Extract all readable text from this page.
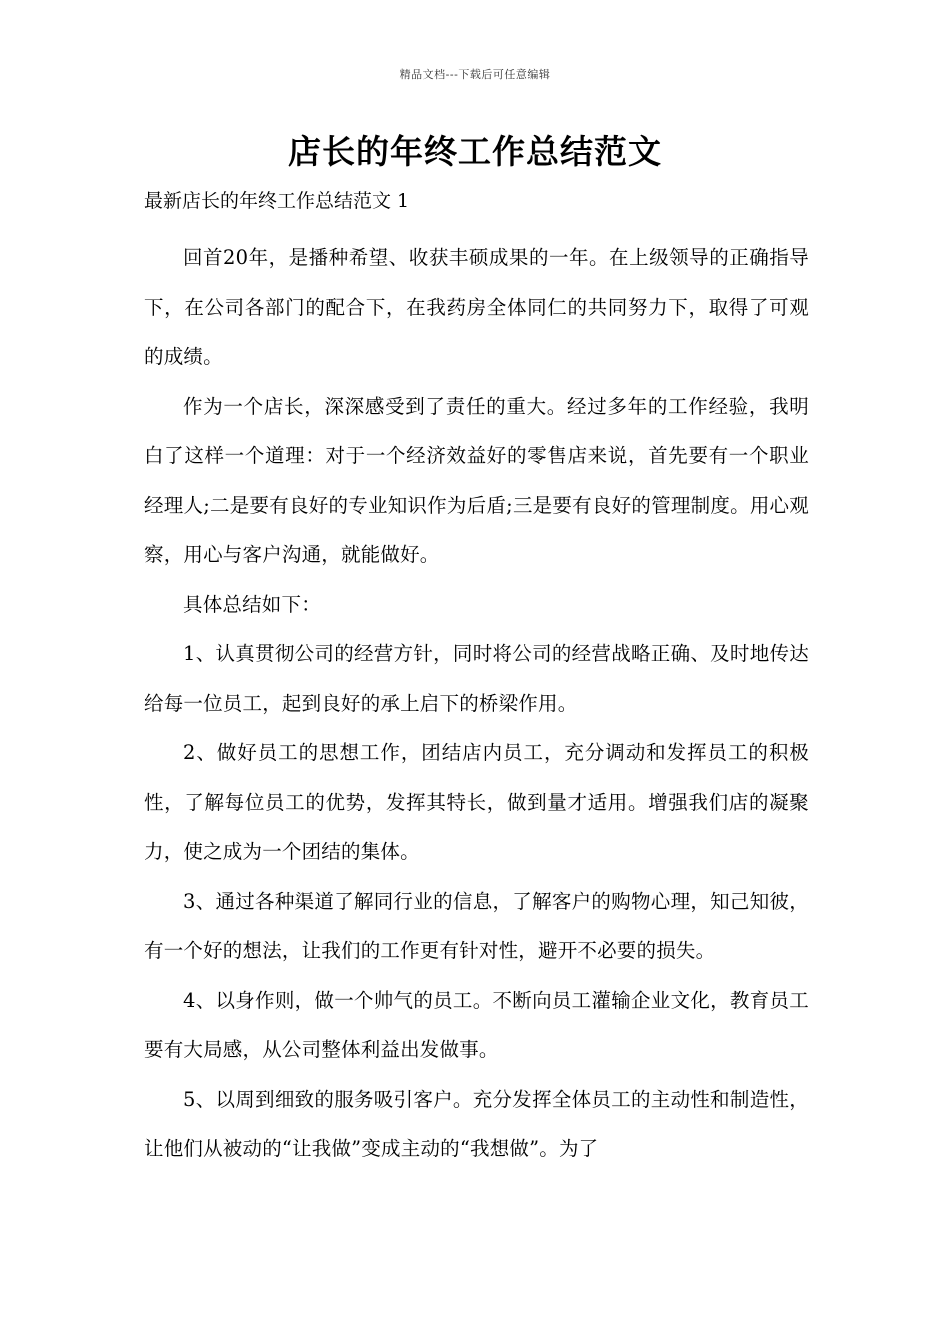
精品文档---下载后可任意编辑
店长的年终工作总结范文

最新店长的年终工作总结范文 1

回首20年，是播种希望、收获丰硕成果的一年。在上级领导的正确指导下，在公司各部门的配合下，在我药房全体同仁的共同努力下，取得了可观的成绩。

作为一个店长，深深感受到了责任的重大。经过多年的工作经验，我明白了这样一个道理：对于一个经济效益好的零售店来说，首先要有一个职业经理人;二是要有良好的专业知识作为后盾;三是要有良好的管理制度。用心观察，用心与客户沟通，就能做好。

具体总结如下：

1、认真贯彻公司的经营方针，同时将公司的经营战略正确、及时地传达给每一位员工，起到良好的承上启下的桥梁作用。

2、做好员工的思想工作，团结店内员工，充分调动和发挥员工的积极性，了解每位员工的优势，发挥其特长，做到量才适用。增强我们店的凝聚力，使之成为一个团结的集体。

3、通过各种渠道了解同行业的信息，了解客户的购物心理，知己知彼，有一个好的想法，让我们的工作更有针对性，避开不必要的损失。

4、以身作则，做一个帅气的员工。不断向员工灌输企业文化，教育员工要有大局感，从公司整体利益出发做事。

5、以周到细致的服务吸引客户。充分发挥全体员工的主动性和制造性，让他们从被动的“让我做”变成主动的“我想做”。为了
